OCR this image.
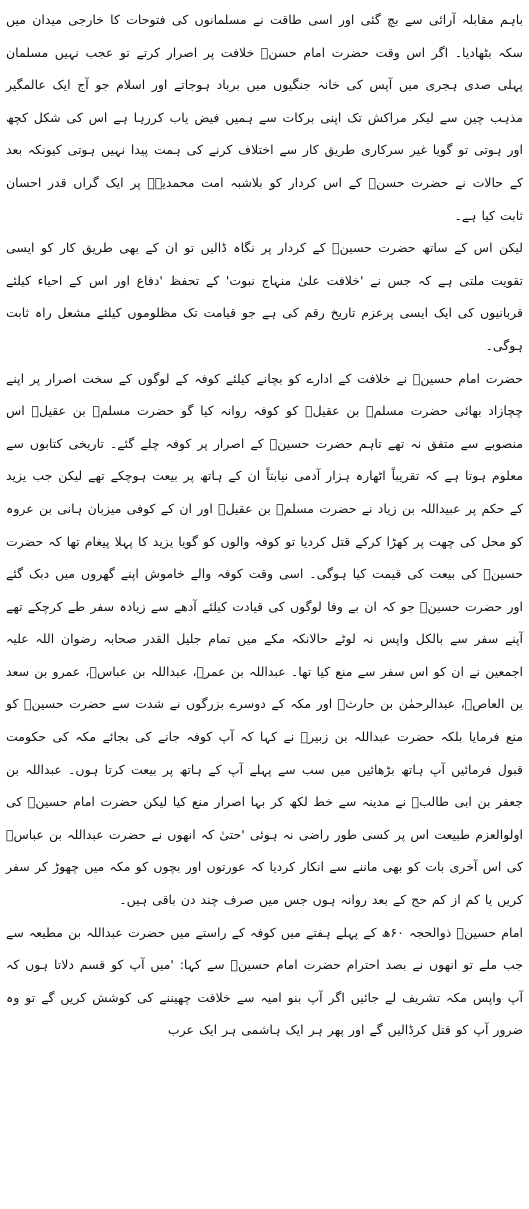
باہم مقابلہ آرائی سے بچ گئی اور اسی طاقت نے مسلمانوں کی فتوحات کا خارجی میدان میں سکہ بٹھادیا۔ اگر اس وقت حضرت امام حسنؓ خلافت پر اصرار کرتے تو عجب نہیں مسلمان پہلی صدی ہجری میں آپس کی خانہ جنگیوں میں برباد ہوجاتے اور اسلام جو آج ایک عالمگیر مذہب چین سے لیکر مراکش تک اپنی برکات سے ہمیں فیض یاب کررہا ہے اس کی شکل کچھ اور ہوتی تو گویا غیر سرکاری طریق کار سے اختلاف کرنے کی ہمت پیدا نہیں ہوتی کیونکہ بعد کے حالات نے حضرت حسنؓ کے اس کردار کو بلاشبہ امت محمدیہؐ پر ایک گراں قدر احسان ثابت کیا ہے۔

لیکن اس کے ساتھ حضرت حسینؓ کے کردار پر نگاہ ڈالیں تو ان کے بھی طریق کار کو ایسی تقویت ملتی ہے کہ جس نے 'خلافت علیٰ منہاج نبوت' کے تحفظ 'دفاع اور اس کے احیاء کیلئے قربانیوں کی ایک ایسی پرعزم تاریخ رقم کی ہے جو قیامت تک مظلوموں کیلئے مشعل راہ ثابت ہوگی۔

حضرت امام حسینؓ نے خلافت کے ادارے کو بچانے کیلئے کوفہ کے لوگوں کے سخت اصرار پر اپنے چچازاد بھائی حضرت مسلمؓ بن عقیلؓ کو کوفہ روانہ کیا گو حضرت مسلمؓ بن عقیلؓ اس منصوبے سے متفق نہ تھے تاہم حضرت حسینؓ کے اصرار پر کوفہ چلے گئے۔ تاریخی کتابوں سے معلوم ہوتا ہے کہ تقریباً اٹھارہ ہزار آدمی نیابتاً ان کے ہاتھ پر بیعت ہوچکے تھے لیکن جب یزید کے حکم پر عبیداللہ بن زیاد نے حضرت مسلمؓ بن عقیلؓ اور ان کے کوفی میزبان ہانی بن عروہ کو محل کی چھت پر کھڑا کرکے قتل کردیا تو کوفہ والوں کو گویا یزید کا پہلا پیغام تھا کہ حضرت حسینؓ کی بیعت کی قیمت کیا ہوگی۔ اسی وقت کوفہ والے خاموش اپنے گھروں میں دبک گئے اور حضرت حسینؓ جو کہ ان بے وفا لوگوں کی قیادت کیلئے آدھے سے زیادہ سفر طے کرچکے تھے آپنے سفر سے بالکل واپس نہ لوٹے حالانکہ مکے میں تمام جلیل القدر صحابہ رضوان اللہ علیہ اجمعین نے ان کو اس سفر سے منع کیا تھا۔ عبداللہ بن عمرؓ، عبداللہ بن عباسؓ، عمرو بن سعد بن العاصؓ، عبدالرحمٰن بن حارثؓ اور مکہ کے دوسرے بزرگوں نے شدت سے حضرت حسینؓ کو منع فرمایا بلکہ حضرت عبداللہ بن زبیرؓ نے کہا کہ آپ کوفہ جانے کی بجائے مکہ کی حکومت قبول فرمائیں آپ ہاتھ بڑھائیں میں سب سے پہلے آپ کے ہاتھ پر بیعت کرتا ہوں۔ عبداللہ بن جعفر بن ابی طالبؓ نے مدینہ سے خط لکھ کر بہا اصرار منع کیا لیکن حضرت امام حسینؓ کی اولوالعزم طبیعت اس پر کسی طور راضی نہ ہوئی 'حتیٰ کہ انھوں نے حضرت عبداللہ بن عباسؓ کی اس آخری بات کو بھی ماننے سے انکار کردیا کہ عورتوں اور بچوں کو مکہ میں چھوڑ کر سفر کریں یا کم از کم حج کے بعد روانہ ہوں جس میں صرف چند دن باقی ہیں۔

امام حسینؓ ذوالحجہ ۶۰ھ کے پہلے ہفتے میں کوفہ کے راستے میں حضرت عبداللہ بن مطیعہ سے جب ملے تو انھوں نے بصد احترام حضرت امام حسینؓ سے کہا: 'میں آپ کو قسم دلاتا ہوں کہ آپ واپس مکہ تشریف لے جائیں اگر آپ بنو امیہ سے خلافت چھیننے کی کوشش کریں گے تو وہ ضرور آپ کو قتل کرڈالیں گے اور پھر ہر ایک ہاشمی ہر ایک عرب
